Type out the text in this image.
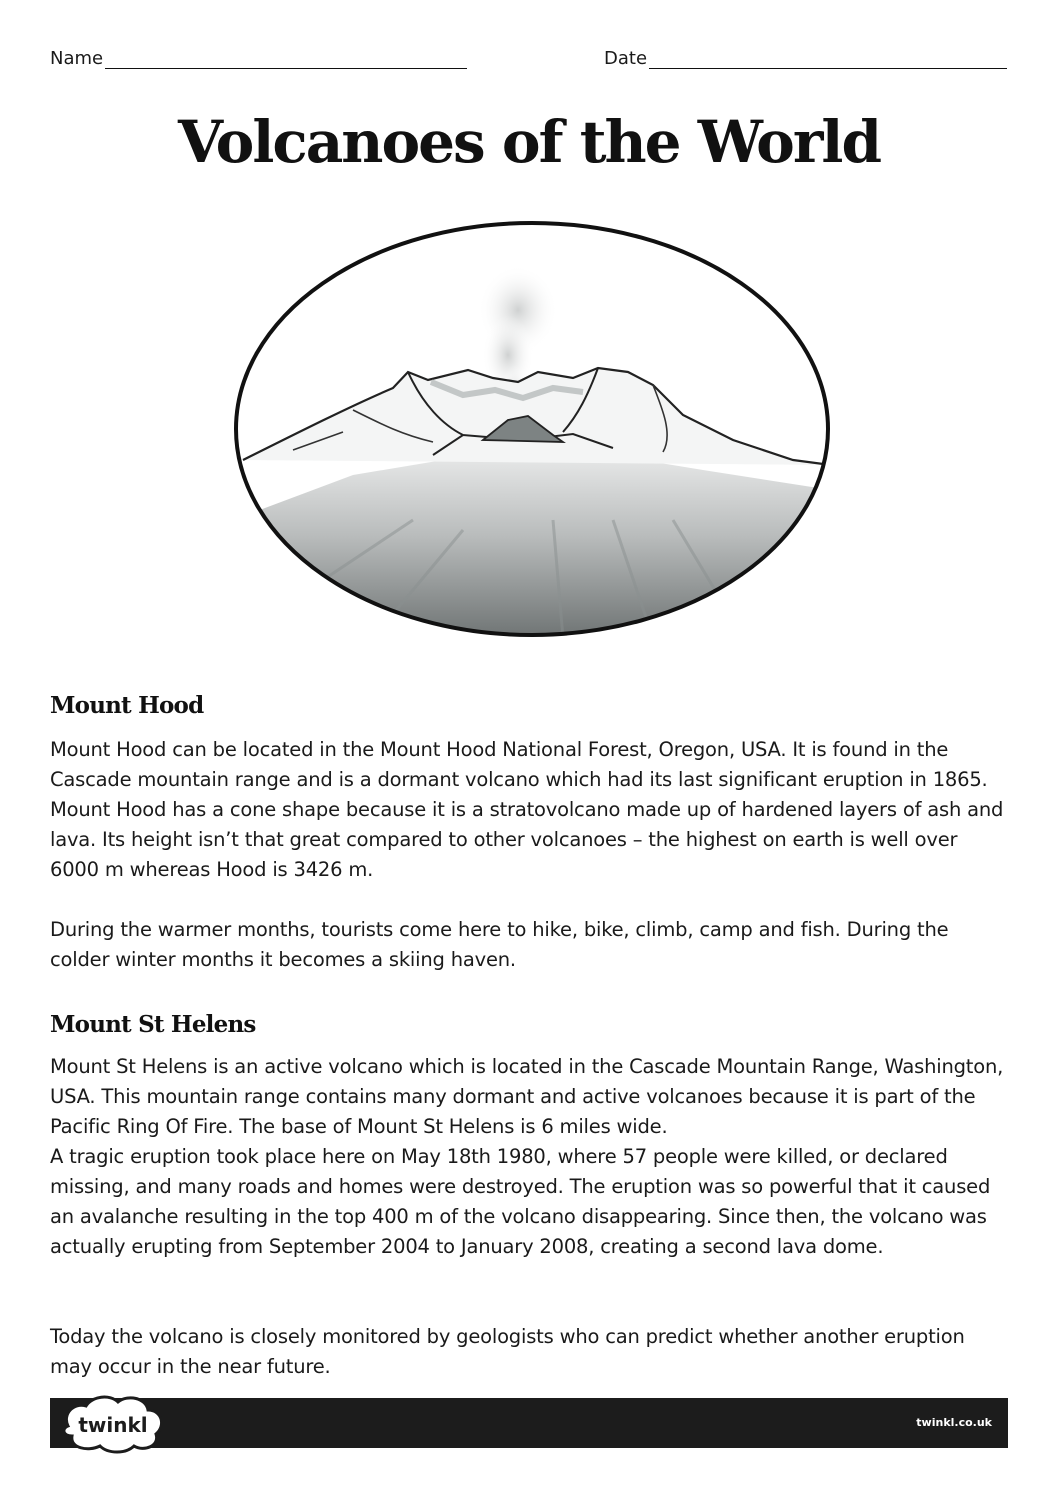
Name	Date
Volcanoes of the World
Mount Hood

Mount Hood can be located in the Mount Hood National Forest, Oregon, USA. It is found in the Cascade mountain range and is a dormant volcano which had its last significant eruption in 1865. Mount Hood has a cone shape because it is a stratovolcano made up of hardened layers of ash and lava. Its height isn’t that great compared to other volcanoes – the highest on earth is well over 6000 m whereas Hood is 3426 m.

During the warmer months, tourists come here to hike, bike, climb, camp and fish. During the colder winter months it becomes a skiing haven.

Mount St Helens

Mount St Helens is an active volcano which is located in the Cascade Mountain Range, Washington, USA. This mountain range contains many dormant and active volcanoes because it is part of the Pacific Ring Of Fire. The base of Mount St Helens is 6 miles wide.

A tragic eruption took place here on May 18th 1980, where 57 people were killed, or declared missing, and many roads and homes were destroyed. The eruption was so powerful that it caused an avalanche resulting in the top 400 m of the volcano disappearing. Since then, the volcano was actually erupting from September 2004 to January 2008, creating a second lava dome.

Today the volcano is closely monitored by geologists who can predict whether another eruption may occur in the near future.

twinkl	twinkl.co.uk
